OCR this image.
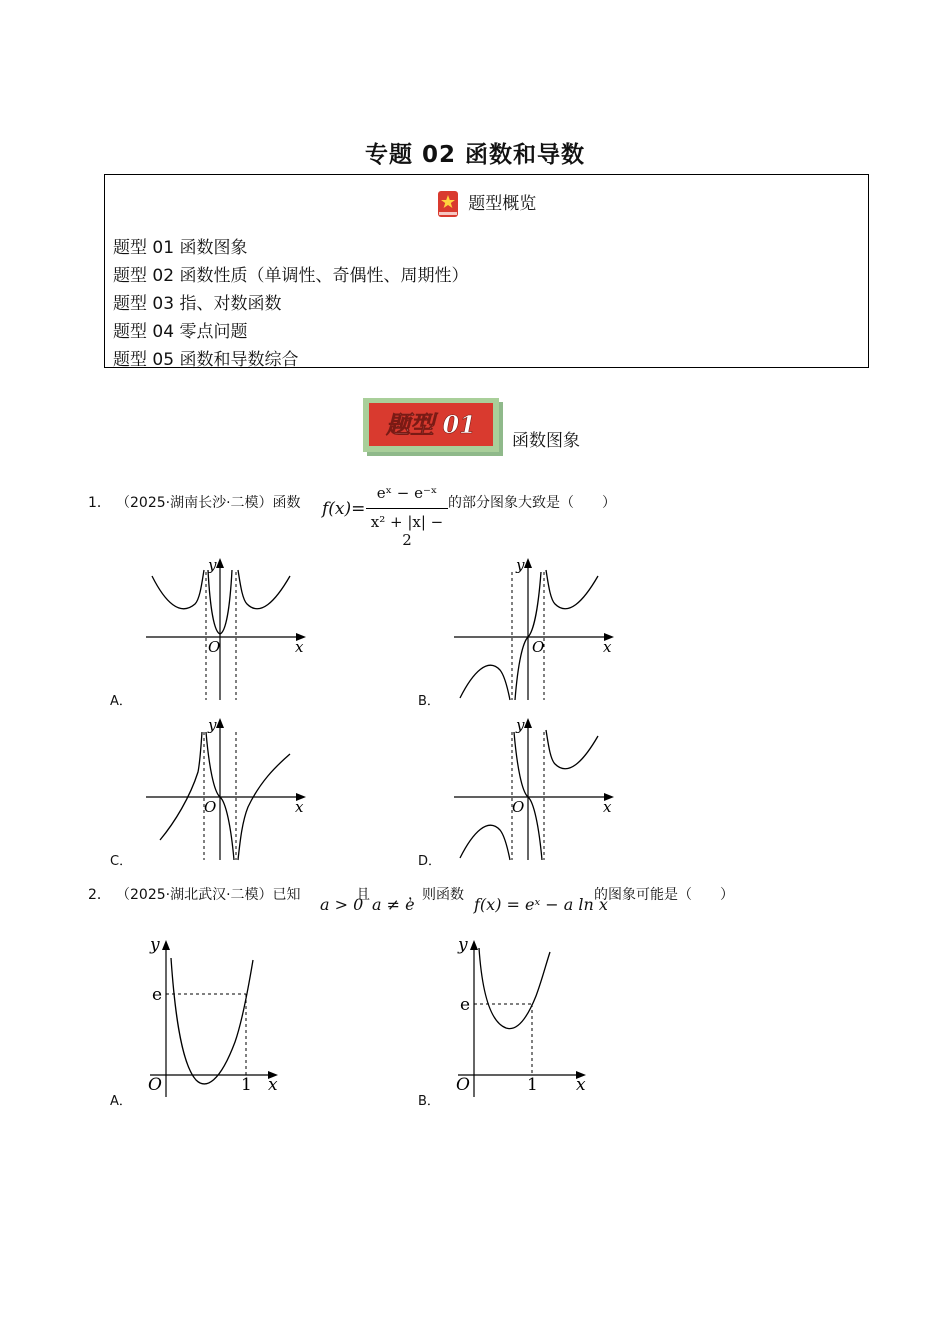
专题 02 函数和导数
题型概览
题型 01 函数图象
题型 02 函数性质（单调性、奇偶性、周期性）
题型 03 指、对数函数
题型 04 零点问题
题型 05 函数和导数综合
题型 01
函数图象
1． （2025·湖南长沙·二模）函数 f(x)=
eˣ − e⁻ˣ
x² + |x| − 2
的部分图象大致是（　　）
O	x
y
A．
O	x
y
B．
O	x
y
C．
O	x
y
D．
2． （2025·湖北武汉·二模）已知 a > 0
且 a ≠ e
，则函数 f(x) = eˣ − a ln x
的图象可能是（　　）
O	x
y
e
1
A．
O	x
y
e
1
B．
